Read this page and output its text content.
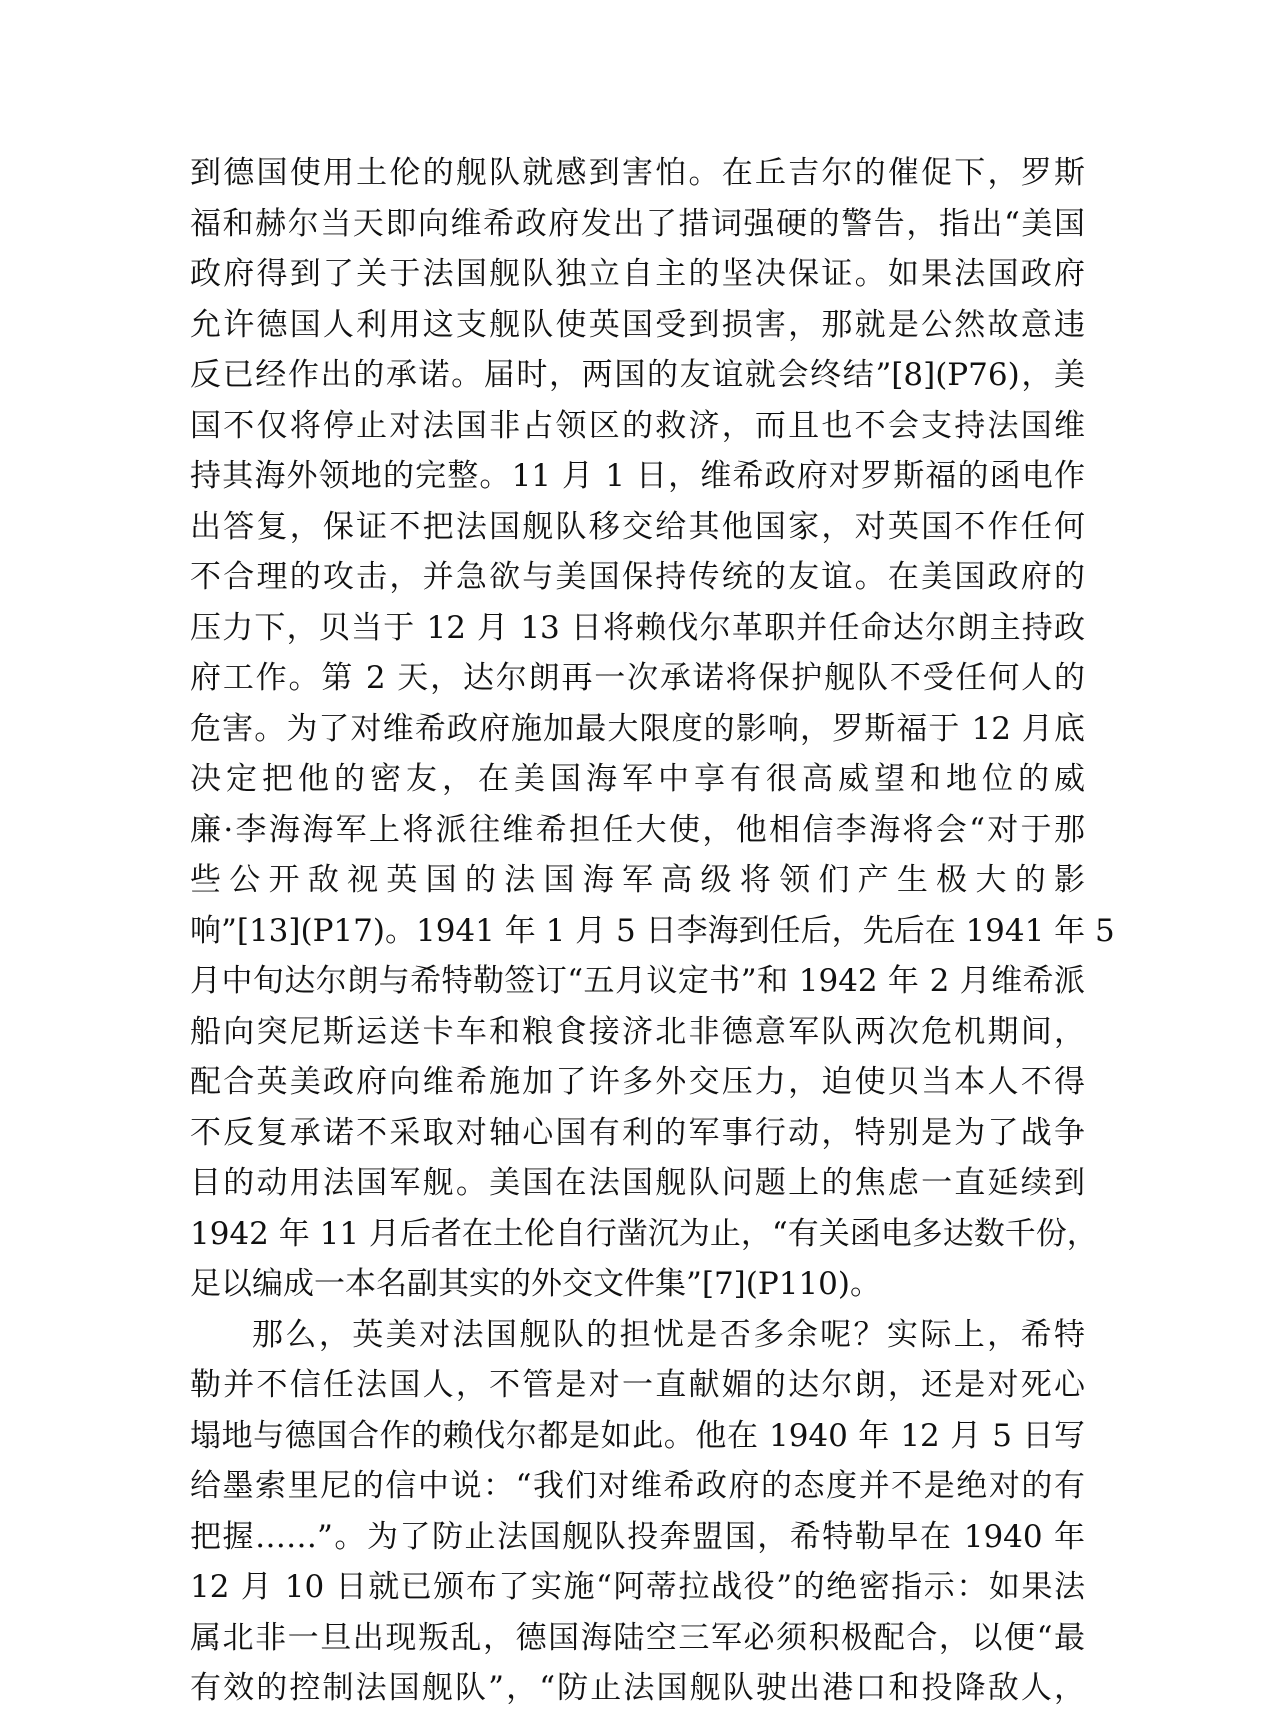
到德国使用土伦的舰队就感到害怕。在丘吉尔的催促下，罗斯
福和赫尔当天即向维希政府发出了措词强硬的警告，指出“美国
政府得到了关于法国舰队独立自主的坚决保证。如果法国政府
允许德国人利用这支舰队使英国受到损害，那就是公然故意违
反已经作出的承诺。届时，两国的友谊就会终结”[8](P76)，美
国不仅将停止对法国非占领区的救济，而且也不会支持法国维
持其海外领地的完整。11 月 1 日，维希政府对罗斯福的函电作
出答复，保证不把法国舰队移交给其他国家，对英国不作任何
不合理的攻击，并急欲与美国保持传统的友谊。在美国政府的
压力下，贝当于 12 月 13 日将赖伐尔革职并任命达尔朗主持政
府工作。第 2 天，达尔朗再一次承诺将保护舰队不受任何人的
危害。为了对维希政府施加最大限度的影响，罗斯福于 12 月底
决定把他的密友，在美国海军中享有很高威望和地位的威
廉·李海海军上将派往维希担任大使，他相信李海将会“对于那
些公开敌视英国的法国海军高级将领们产生极大的影
响”[13](P17)。1941 年 1 月 5 日李海到任后，先后在 1941 年 5
月中旬达尔朗与希特勒签订“五月议定书”和 1942 年 2 月维希派
船向突尼斯运送卡车和粮食接济北非德意军队两次危机期间，
配合英美政府向维希施加了许多外交压力，迫使贝当本人不得
不反复承诺不采取对轴心国有利的军事行动，特别是为了战争
目的动用法国军舰。美国在法国舰队问题上的焦虑一直延续到
1942 年 11 月后者在土伦自行凿沉为止，“有关函电多达数千份，
足以编成一本名副其实的外交文件集”[7](P110)。
那么，英美对法国舰队的担忧是否多余呢？实际上，希特
勒并不信任法国人，不管是对一直献媚的达尔朗，还是对死心
塌地与德国合作的赖伐尔都是如此。他在 1940 年 12 月 5 日写
给墨索里尼的信中说：“我们对维希政府的态度并不是绝对的有
把握……”。为了防止法国舰队投奔盟国，希特勒早在 1940 年
12 月 10 日就已颁布了实施“阿蒂拉战役”的绝密指示：如果法
属北非一旦出现叛乱，德国海陆空三军必须积极配合，以便“最
有效的控制法国舰队”，“防止法国舰队驶出港口和投降敌人，
